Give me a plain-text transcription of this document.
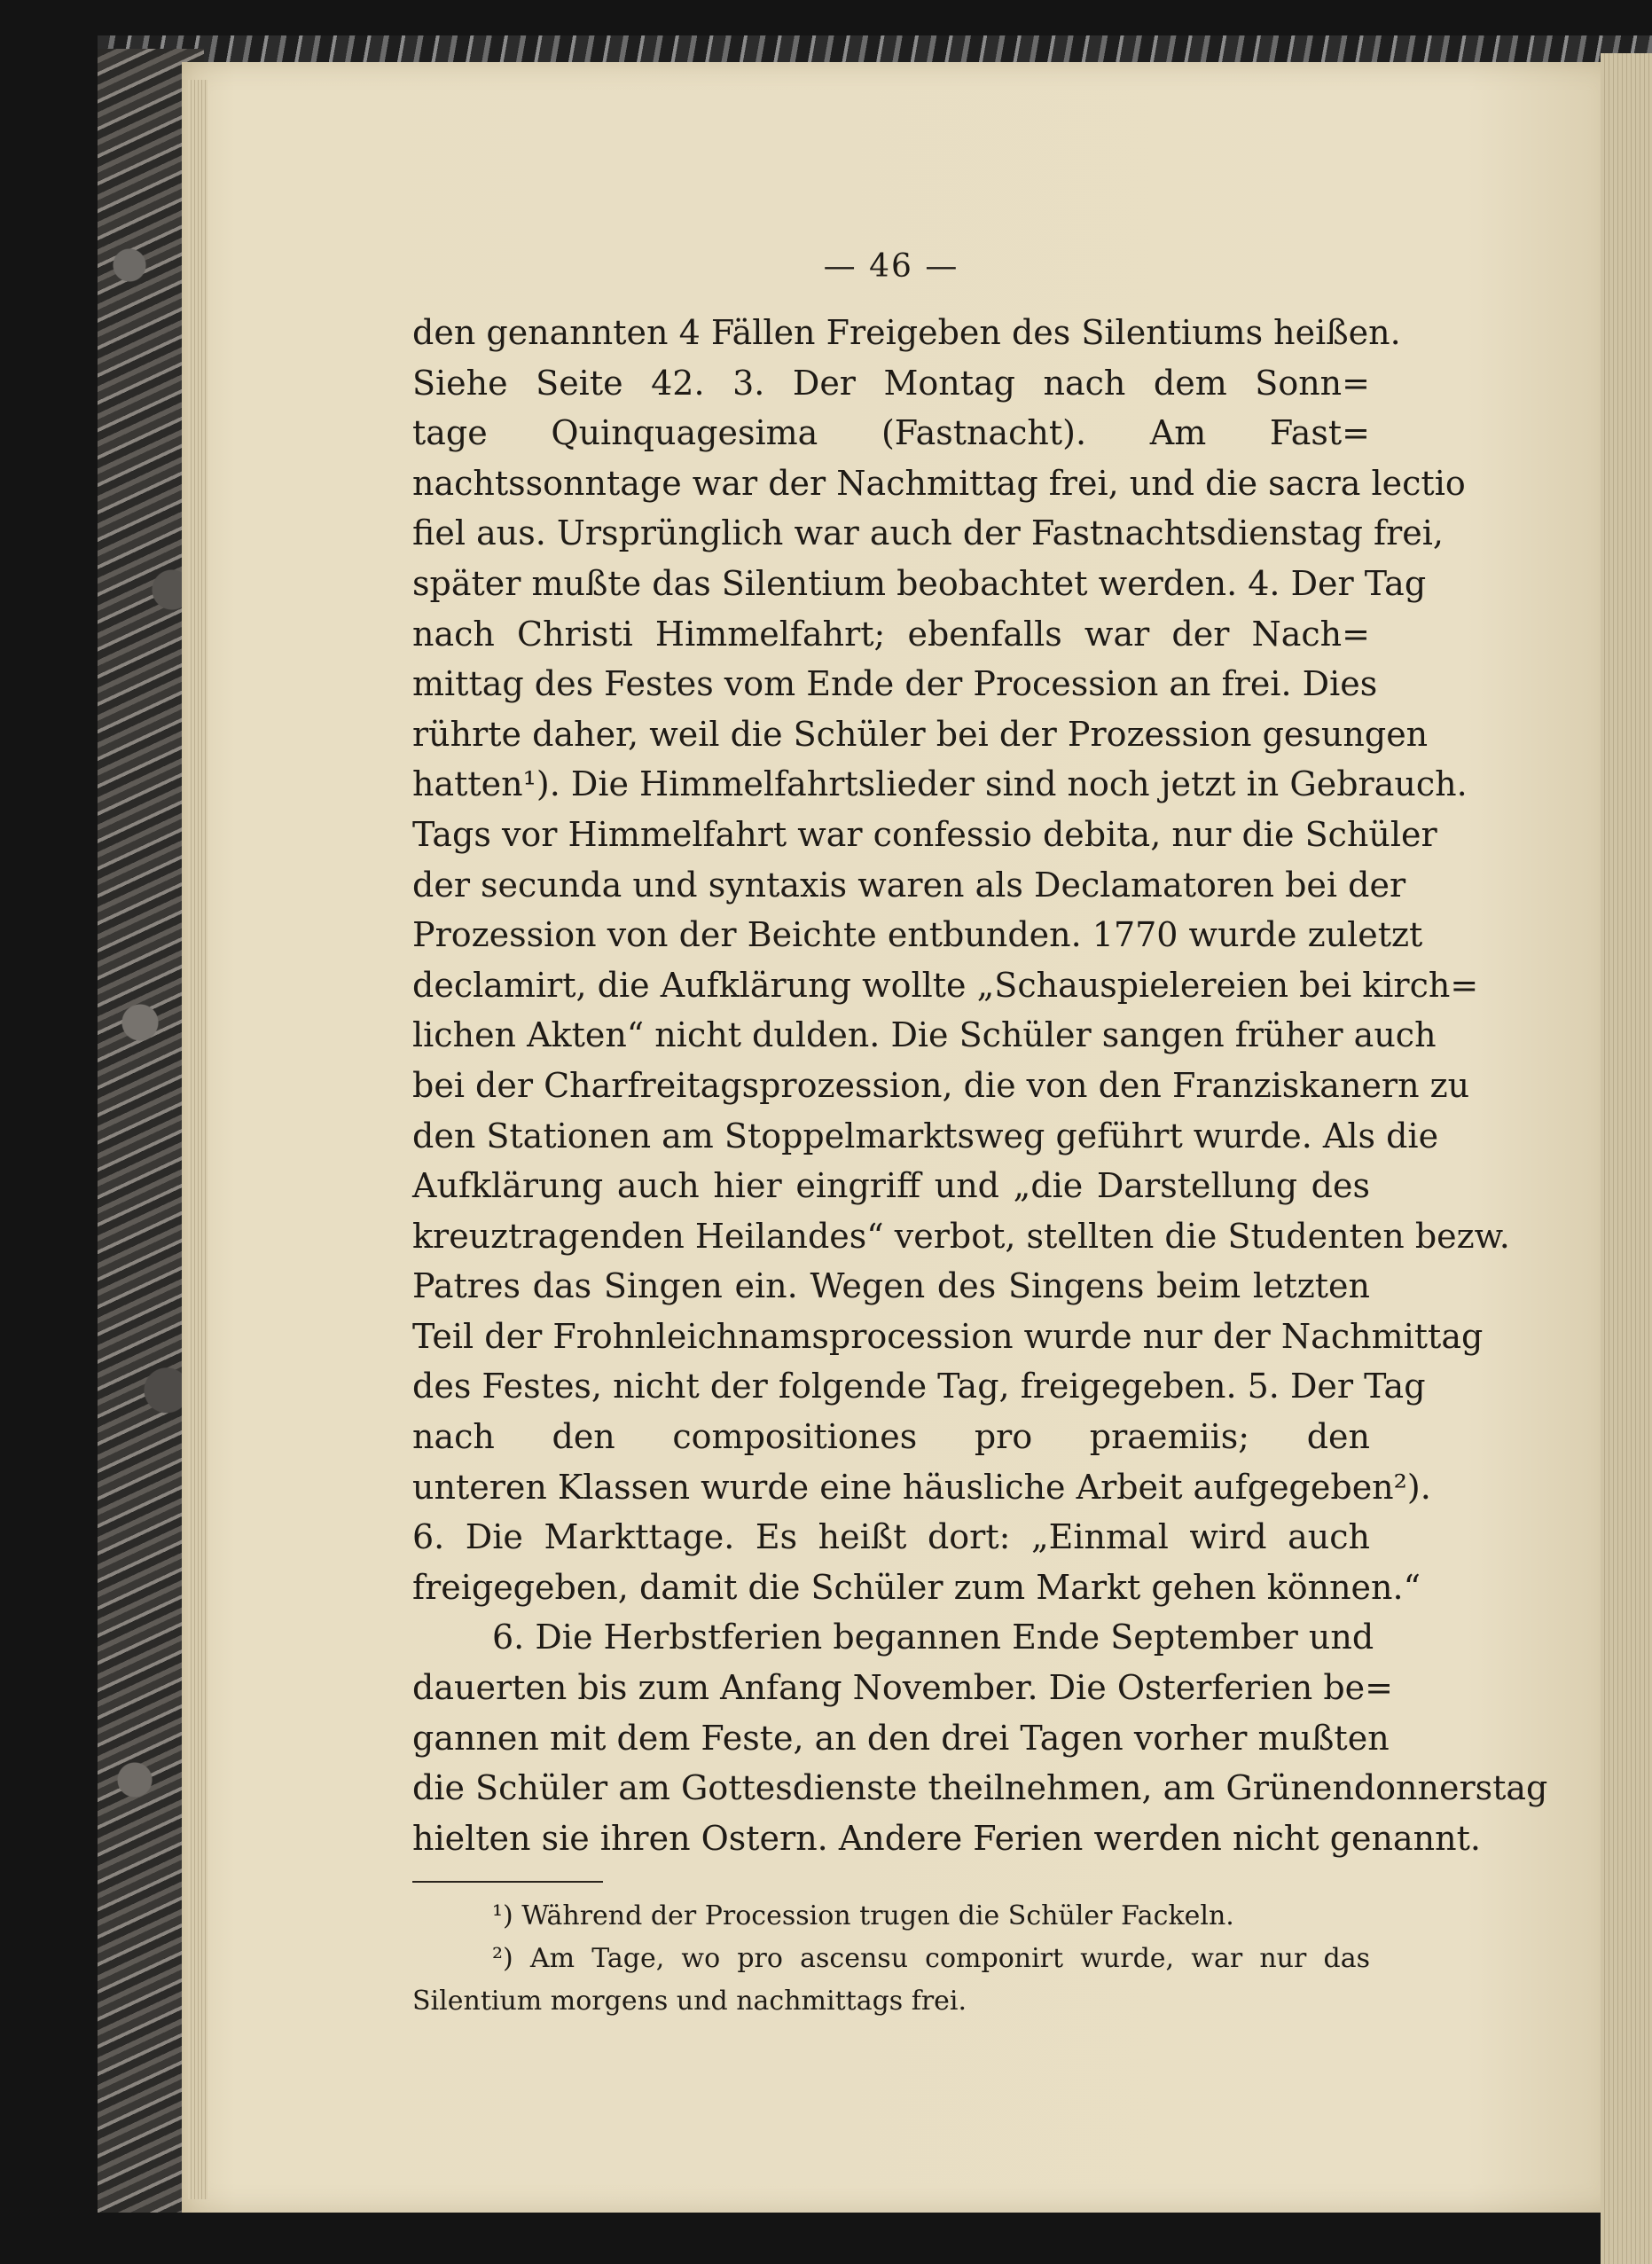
— 46 —
den genannten 4 Fällen Freigeben des Silentiums heißen.
Siehe Seite 42. 3. Der Montag nach dem Sonn=
tage Quinquagesima (Fastnacht). Am Fast=
nachtssonntage war der Nachmittag frei, und die sacra lectio
fiel aus. Ursprünglich war auch der Fastnachtsdienstag frei,
später mußte das Silentium beobachtet werden. 4. Der Tag
nach Christi Himmelfahrt; ebenfalls war der Nach=
mittag des Festes vom Ende der Procession an frei. Dies
rührte daher, weil die Schüler bei der Prozession gesungen
hatten¹). Die Himmelfahrtslieder sind noch jetzt in Gebrauch.
Tags vor Himmelfahrt war confessio debita, nur die Schüler
der secunda und syntaxis waren als Declamatoren bei der
Prozession von der Beichte entbunden. 1770 wurde zuletzt
declamirt, die Aufklärung wollte „Schauspielereien bei kirch=
lichen Akten“ nicht dulden. Die Schüler sangen früher auch
bei der Charfreitagsprozession, die von den Franziskanern zu
den Stationen am Stoppelmarktsweg geführt wurde. Als die
Aufklärung auch hier eingriff und „die Darstellung des
kreuztragenden Heilandes“ verbot, stellten die Studenten bezw.
Patres das Singen ein. Wegen des Singens beim letzten
Teil der Frohnleichnamsprocession wurde nur der Nachmittag
des Festes, nicht der folgende Tag, freigegeben. 5. Der Tag
nach den compositiones pro praemiis; den
unteren Klassen wurde eine häusliche Arbeit aufgegeben²).
6. Die Markttage. Es heißt dort: „Einmal wird auch
freigegeben, damit die Schüler zum Markt gehen können.“
6. Die Herbstferien begannen Ende September und
dauerten bis zum Anfang November. Die Osterferien be=
gannen mit dem Feste, an den drei Tagen vorher mußten
die Schüler am Gottesdienste theilnehmen, am Grünendonnerstag
hielten sie ihren Ostern. Andere Ferien werden nicht genannt.
¹) Während der Procession trugen die Schüler Fackeln.
²) Am Tage, wo pro ascensu componirt wurde, war nur das
Silentium morgens und nachmittags frei.
